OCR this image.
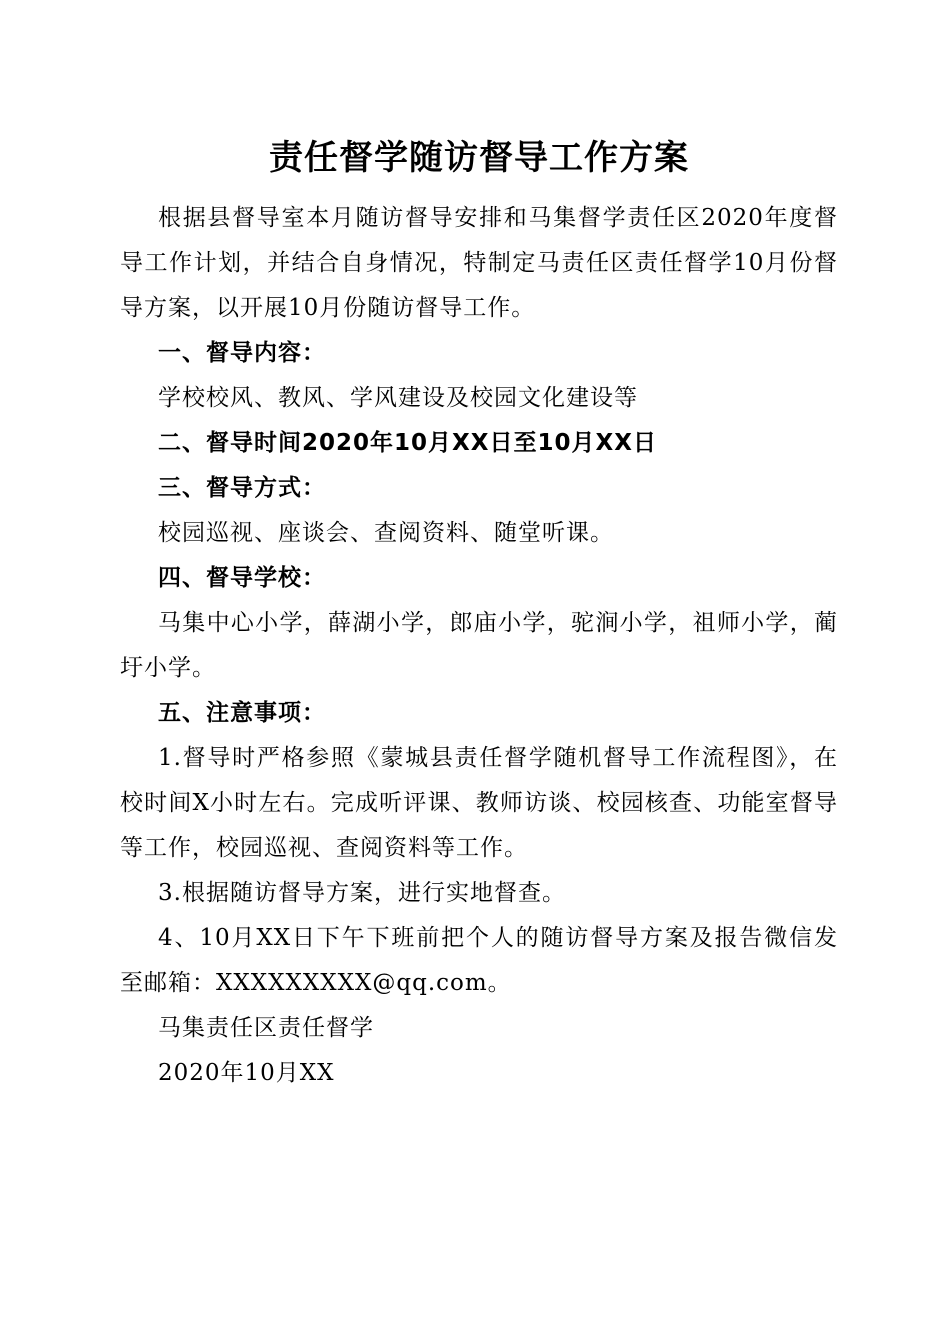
责任督学随访督导工作方案

根据县督导室本月随访督导安排和马集督学责任区2020年度督导工作计划，并结合自身情况，特制定马责任区责任督学10月份督导方案，以开展10月份随访督导工作。

一、督导内容：

学校校风、教风、学风建设及校园文化建设等

二、督导时间2020年10月XX日至10月XX日

三、督导方式：

校园巡视、座谈会、查阅资料、随堂听课。

四、督导学校：

马集中心小学，薛湖小学，郎庙小学，驼涧小学，祖师小学，蔺圩小学。

五、注意事项：

1.督导时严格参照《蒙城县责任督学随机督导工作流程图》，在校时间X小时左右。完成听评课、教师访谈、校园核查、功能室督导等工作，校园巡视、查阅资料等工作。

3.根据随访督导方案，进行实地督查。

4、10月XX日下午下班前把个人的随访督导方案及报告微信发至邮箱：XXXXXXXXX@qq.com。

马集责任区责任督学

2020年10月XX
